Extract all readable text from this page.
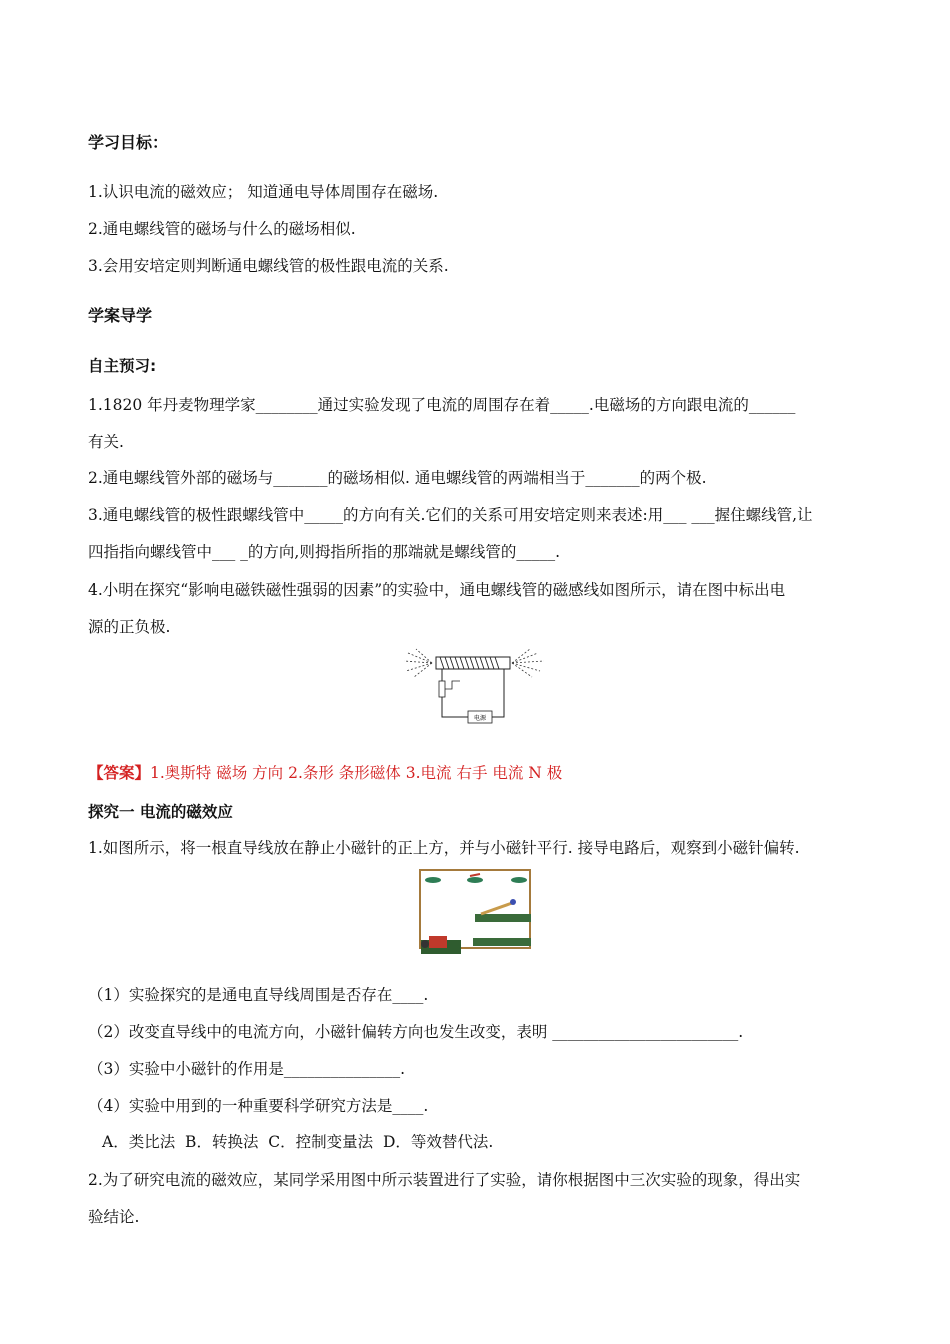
学习目标：
1.认识电流的磁效应； 知道通电导体周围存在磁场.
2.通电螺线管的磁场与什么的磁场相似.
3.会用安培定则判断通电螺线管的极性跟电流的关系.
学案导学
自主预习:
1.1820 年丹麦物理学家________通过实验发现了电流的周围存在着_____.电磁场的方向跟电流的______
有关.
2.通电螺线管外部的磁场与_______的磁场相似. 通电螺线管的两端相当于_______的两个极.
3.通电螺线管的极性跟螺线管中_____的方向有关.它们的关系可用安培定则来表述:用___ ___握住螺线管,让
四指指向螺线管中___ _的方向,则拇指所指的那端就是螺线管的_____.
4.小明在探究“影响电磁铁磁性强弱的因素”的实验中，通电螺线管的磁感线如图所示，请在图中标出电
源的正负极.
电源
【答案】1.奥斯特 磁场 方向 2.条形 条形磁体 3.电流 右手 电流 N 极
探究一 电流的磁效应
1.如图所示，将一根直导线放在静止小磁针的正上方，并与小磁针平行. 接导电路后，观察到小磁针偏转.
（1）实验探究的是通电直导线周围是否存在____.
（2）改变直导线中的电流方向，小磁针偏转方向也发生改变，表明 ________________________.
（3）实验中小磁针的作用是_______________.
（4）实验中用到的一种重要科学研究方法是____.
A．类比法  B．转换法  C．控制变量法  D．等效替代法.
2.为了研究电流的磁效应，某同学采用图中所示装置进行了实验，请你根据图中三次实验的现象，得出实
验结论.
